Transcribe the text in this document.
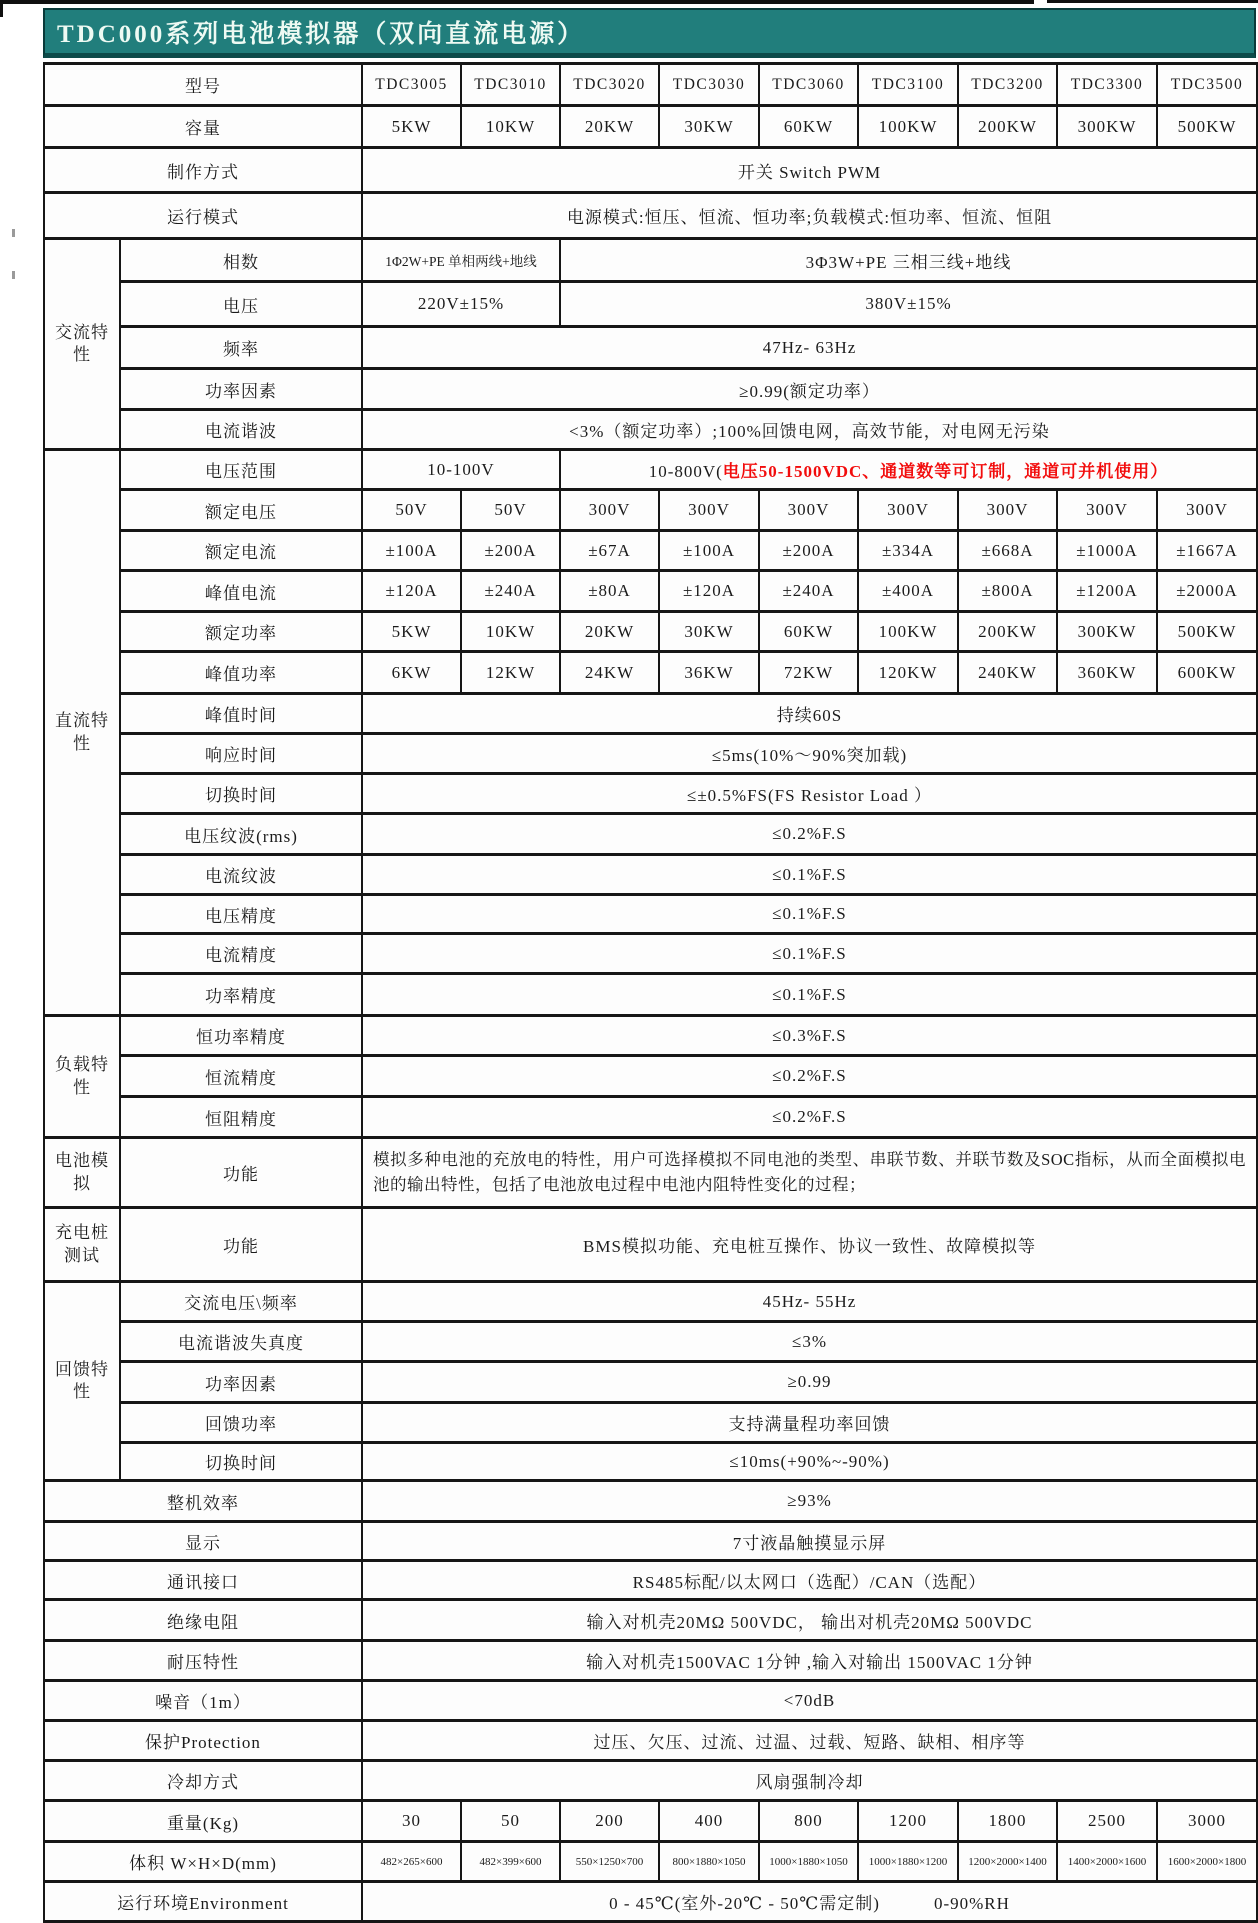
TDC000系列电池模拟器（双向直流电源）
型号		TDC3005	TDC3010	TDC3020	TDC3030	TDC3060	TDC3100	TDC3200	TDC3300	TDC3500
容量		5KW	10KW	20KW	30KW	60KW	100KW	200KW	300KW	500KW
制作方式		开关 Switch PWM								
运行模式		电源模式:恒压、恒流、恒功率;负载模式:恒功率、恒流、恒阻								
交流特性	相数	1Φ2W+PE 单相两线+地线		3Φ3W+PE 三相三线+地线						
	电压	220V±15%		380V±15%						
	频率	47Hz- 63Hz								
	功率因素	≥0.99(额定功率）								
	电流谐波	<3%（额定功率）;100%回馈电网，高效节能，对电网无污染								
直流特性	电压范围	10-100V		10-800V(电压50-1500VDC、通道数等可订制，通道可并机使用）						
	额定电压	50V	50V	300V	300V	300V	300V	300V	300V	300V
	额定电流	±100A	±200A	±67A	±100A	±200A	±334A	±668A	±1000A	±1667A
	峰值电流	±120A	±240A	±80A	±120A	±240A	±400A	±800A	±1200A	±2000A
	额定功率	5KW	10KW	20KW	30KW	60KW	100KW	200KW	300KW	500KW
	峰值功率	6KW	12KW	24KW	36KW	72KW	120KW	240KW	360KW	600KW
	峰值时间	持续60S								
	响应时间	≤5ms(10%～90%突加载)								
	切换时间	≤±0.5%FS(FS Resistor Load ）								
	电压纹波(rms)	≤0.2%F.S								
	电流纹波	≤0.1%F.S								
	电压精度	≤0.1%F.S								
	电流精度	≤0.1%F.S								
	功率精度	≤0.1%F.S								
负载特性	恒功率精度	≤0.3%F.S								
	恒流精度	≤0.2%F.S								
	恒阻精度	≤0.2%F.S								
电池模拟	功能	模拟多种电池的充放电的特性，用户可选择模拟不同电池的类型、串联节数、并联节数及SOC指标，从而全面模拟电池的输出特性，包括了电池放电过程中电池内阻特性变化的过程；								
充电桩测试	功能	BMS模拟功能、充电桩互操作、协议一致性、故障模拟等								
回馈特性	交流电压\频率	45Hz- 55Hz								
	电流谐波失真度	≤3%								
	功率因素	≥0.99								
	回馈功率	支持满量程功率回馈								
	切换时间	≤10ms(+90%~-90%)								
整机效率		≥93%								
显示		7寸液晶触摸显示屏								
通讯接口		RS485标配/以太网口（选配）/CAN（选配）								
绝缘电阻		输入对机壳20MΩ 500VDC， 输出对机壳20MΩ 500VDC								
耐压特性		输入对机壳1500VAC 1分钟 ,输入对输出 1500VAC 1分钟								
噪音（1m）		<70dB								
保护Protection		过压、欠压、过流、过温、过载、短路、缺相、相序等								
冷却方式		风扇强制冷却								
重量(Kg)		30	50	200	400	800	1200	1800	2500	3000
体积 W×H×D(mm)		482×265×600	482×399×600	550×1250×700	800×1880×1050	1000×1880×1050	1000×1880×1200	1200×2000×1400	1400×2000×1600	1600×2000×1800
运行环境Environment		0 - 45℃(室外-20℃ - 50℃需定制)　　　0-90%RH								
